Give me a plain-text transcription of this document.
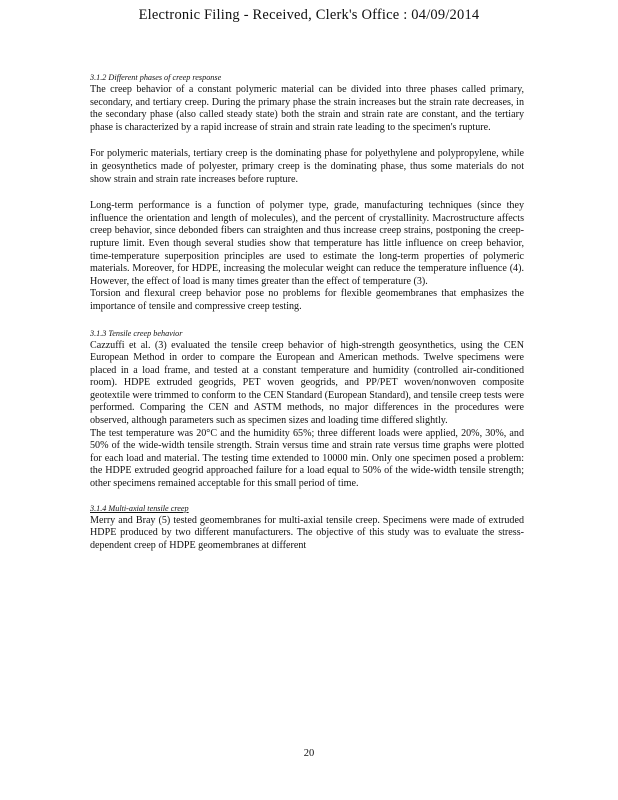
Electronic Filing - Received, Clerk's Office : 04/09/2014
3.1.2 Different phases of creep response

The creep behavior of a constant polymeric material can be divided into three phases called primary, secondary, and tertiary creep. During the primary phase the strain increases but the strain rate decreases, in the secondary phase (also called steady state) both the strain and strain rate are constant, and the tertiary phase is characterized by a rapid increase of strain and strain rate leading to the specimen's rupture.

For polymeric materials, tertiary creep is the dominating phase for polyethylene and polypropylene, while in geosynthetics made of polyester, primary creep is the dominating phase, thus some materials do not show strain and strain rate increases before rupture.

Long-term performance is a function of polymer type, grade, manufacturing techniques (since they influence the orientation and length of molecules), and the percent of crystallinity. Macrostructure affects creep behavior, since debonded fibers can straighten and thus increase creep strains, postponing the creep-rupture limit. Even though several studies show that temperature has little influence on creep behavior, time-temperature superposition principles are used to estimate the long-term properties of polymeric materials. Moreover, for HDPE, increasing the molecular weight can reduce the temperature influence (4). However, the effect of load is many times greater than the effect of temperature (3).

Torsion and flexural creep behavior pose no problems for flexible geomembranes that emphasizes the importance of tensile and compressive creep testing.

3.1.3 Tensile creep behavior

Cazzuffi et al. (3) evaluated the tensile creep behavior of high-strength geosynthetics, using the CEN European Method in order to compare the European and American methods. Twelve specimens were placed in a load frame, and tested at a constant temperature and humidity (controlled air-conditioned room). HDPE extruded geogrids, PET woven geogrids, and PP/PET woven/nonwoven composite geotextile were trimmed to conform to the CEN Standard (European Standard), and tensile creep tests were performed. Comparing the CEN and ASTM methods, no major differences in the procedures were observed, although parameters such as specimen sizes and loading time differed slightly.

The test temperature was 20°C and the humidity 65%; three different loads were applied, 20%, 30%, and 50% of the wide-width tensile strength. Strain versus time and strain rate versus time graphs were plotted for each load and material. The testing time extended to 10000 min. Only one specimen posed a problem: the HDPE extruded geogrid approached failure for a load equal to 50% of the wide-width tensile strength; other specimens remained acceptable for this small period of time.

3.1.4 Multi-axial tensile creep

Merry and Bray (5) tested geomembranes for multi-axial tensile creep. Specimens were made of extruded HDPE produced by two different manufacturers. The objective of this study was to evaluate the stress-dependent creep of HDPE geomembranes at different

20
